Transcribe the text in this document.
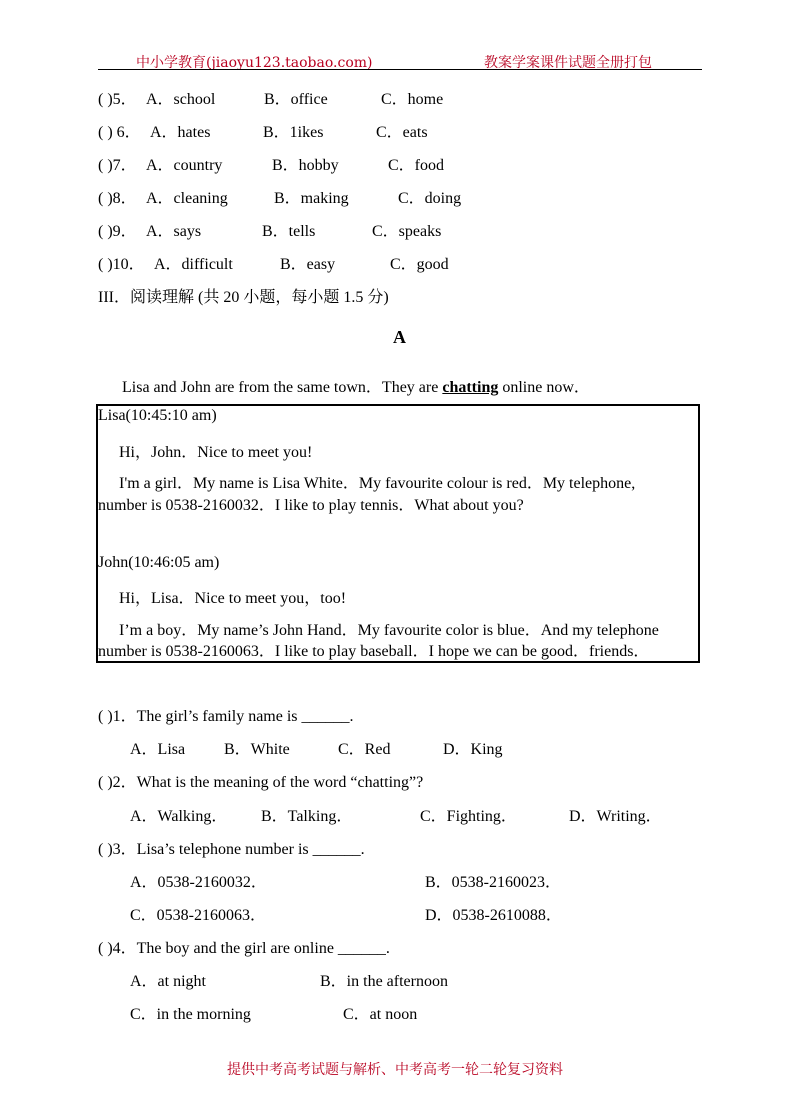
中小学教育(jiaoyu123.taobao.com)	教案学案课件试题全册打包
( )5． A．school	B．office	C．home
( ) 6． A．hates	B．1ikes	C．eats
( )7． A．country	B．hobby	C．food
( )8． A．cleaning	B．making	C．doing
( )9． A．says	B．tells	C．speaks
( )10． A．difficult	B．easy	C．good
III．阅读理解 (共 20 小题，每小题 1.5 分)
A
Lisa and John are from the same town．They are chatting online now．
Lisa(10:45:10 am)
Hi，John．Nice to meet you!
I'm a girl．My name is Lisa White．My favourite colour is red．My telephone,
number is 0538-2160032．I like to play tennis．What about you?
John(10:46:05 am)
Hi，Lisa．Nice to meet you，too!
I’m a boy．My name’s John Hand．My favourite color is blue．And my telephone
number is 0538-2160063．I like to play baseball．I hope we can be good．friends．
( )1．The girl’s family name is ______.
A．Lisa B．White	C．Red	D．King
( )2．What is the meaning of the word “chatting”?
A．Walking． B．Talking．	C．Fighting．	D．Writing．
( )3．Lisa’s telephone number is ______.
A．0538-2160032．	B．0538-2160023．
C．0538-2160063．	D．0538-2610088．
( )4．The boy and the girl are online ______.
A．at night	B．in the afternoon
C．in the morning	C．at noon
提供中考高考试题与解析、中考高考一轮二轮复习资料
